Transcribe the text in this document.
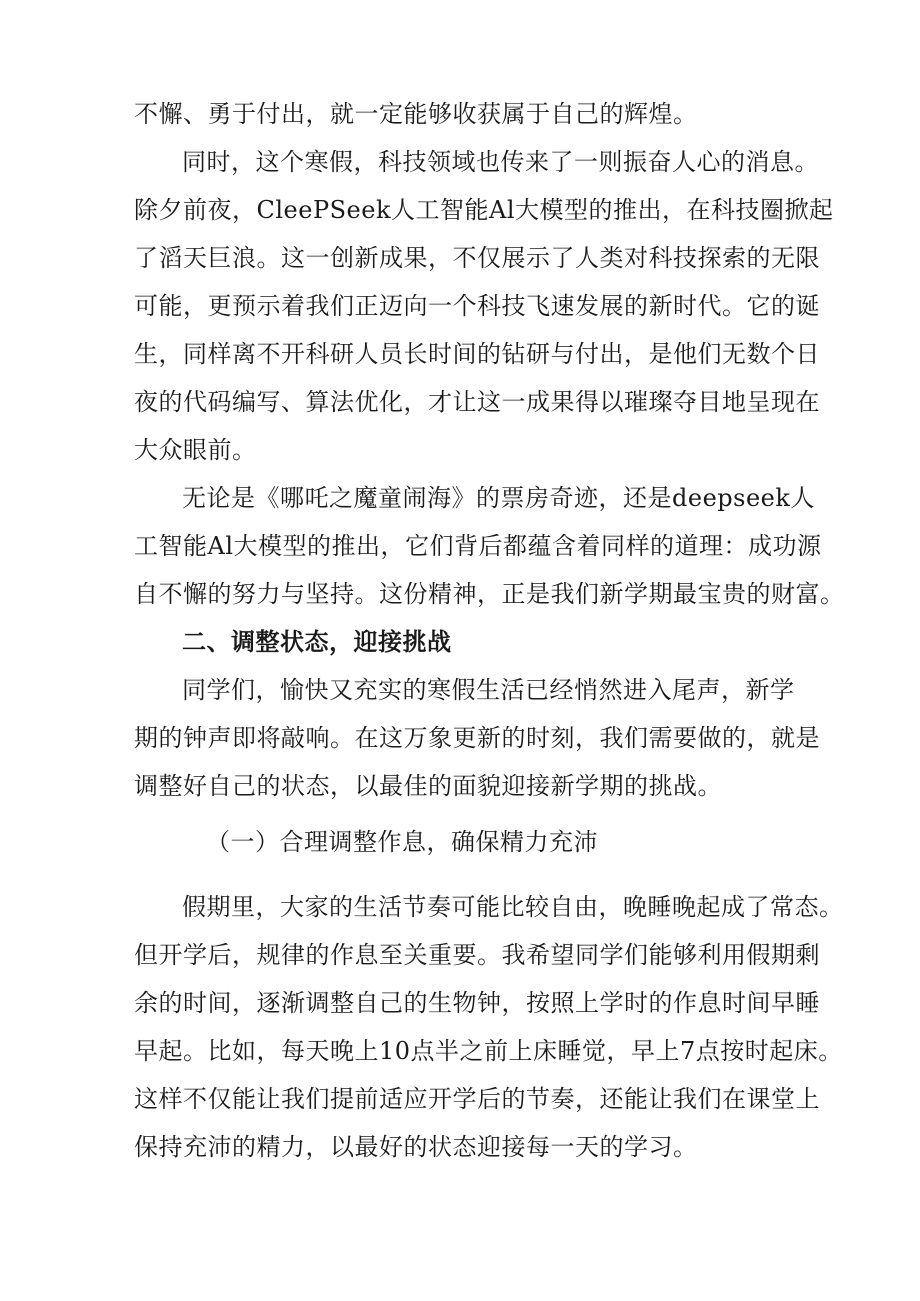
不懈、勇于付出，就一定能够收获属于自己的辉煌。
同时，这个寒假，科技领域也传来了一则振奋人心的消息。
除夕前夜，CleePSeek人工智能Al大模型的推出，在科技圈掀起
了滔天巨浪。这一创新成果，不仅展示了人类对科技探索的无限
可能，更预示着我们正迈向一个科技飞速发展的新时代。它的诞
生，同样离不开科研人员长时间的钻研与付出，是他们无数个日
夜的代码编写、算法优化，才让这一成果得以璀璨夺目地呈现在
大众眼前。
无论是《哪吒之魔童闹海》的票房奇迹，还是deepseek人
工智能Al大模型的推出，它们背后都蕴含着同样的道理：成功源
自不懈的努力与坚持。这份精神，正是我们新学期最宝贵的财富。
二、调整状态，迎接挑战
同学们，愉快又充实的寒假生活已经悄然进入尾声，新学
期的钟声即将敲响。在这万象更新的时刻，我们需要做的，就是
调整好自己的状态，以最佳的面貌迎接新学期的挑战。
（一）合理调整作息，确保精力充沛
假期里，大家的生活节奏可能比较自由，晚睡晚起成了常态。
但开学后，规律的作息至关重要。我希望同学们能够利用假期剩
余的时间，逐渐调整自己的生物钟，按照上学时的作息时间早睡
早起。比如，每天晚上10点半之前上床睡觉，早上7点按时起床。
这样不仅能让我们提前适应开学后的节奏，还能让我们在课堂上
保持充沛的精力，以最好的状态迎接每一天的学习。
